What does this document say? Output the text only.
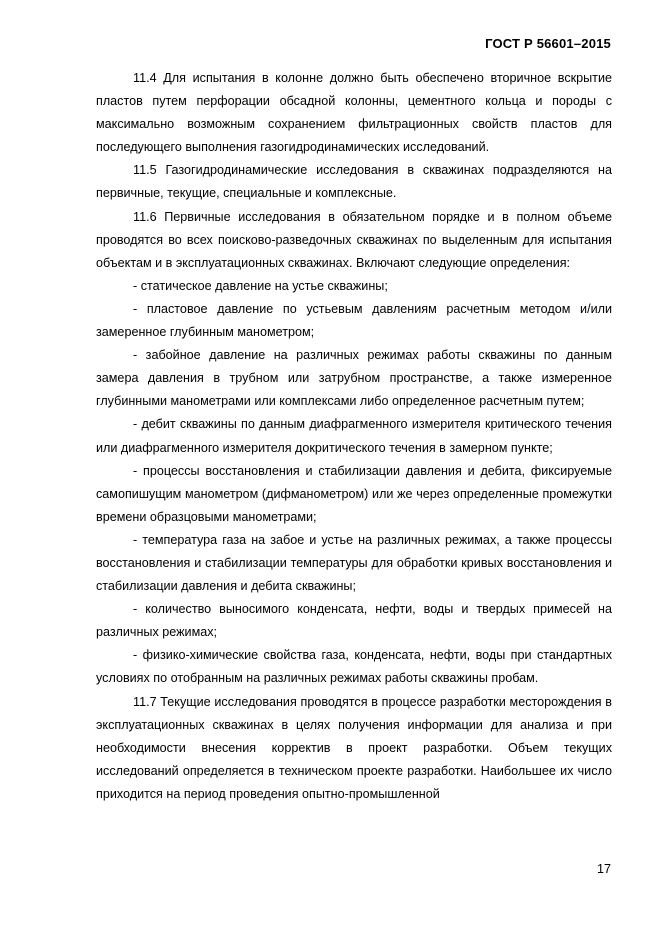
ГОСТ Р 56601–2015

11.4 Для испытания в колонне должно быть обеспечено вторичное вскрытие пластов путем перфорации обсадной колонны, цементного кольца и породы с максимально возможным сохранением фильтрационных свойств пластов для последующего выполнения газогидродинамических исследований.

11.5 Газогидродинамические исследования в скважинах подразделяются на первичные, текущие, специальные и комплексные.

11.6 Первичные исследования в обязательном порядке и в полном объеме проводятся во всех поисково-разведочных скважинах по выделенным для испытания объектам и в эксплуатационных скважинах. Включают следующие определения:

- статическое давление на устье скважины;

- пластовое давление по устьевым давлениям расчетным методом и/или замеренное глубинным манометром;

- забойное давление на различных режимах работы скважины по данным замера давления в трубном или затрубном пространстве, а также измеренное глубинными манометрами или комплексами либо определенное расчетным путем;

- дебит скважины по данным диафрагменного измерителя критического течения или диафрагменного измерителя докритического течения в замерном пункте;

- процессы восстановления и стабилизации давления и дебита, фиксируемые самопишущим манометром (дифманометром) или же через определенные промежутки времени образцовыми манометрами;

- температура газа на забое и устье на различных режимах, а также процессы восстановления и стабилизации температуры для обработки кривых восстановления и стабилизации давления и дебита скважины;

- количество выносимого конденсата, нефти, воды и твердых примесей на различных режимах;

- физико-химические свойства газа, конденсата, нефти, воды при стандартных условиях по отобранным на различных режимах работы скважины пробам.

11.7 Текущие исследования проводятся в процессе разработки месторождения в эксплуатационных скважинах в целях получения информации для анализа и при необходимости внесения корректив в проект разработки. Объем текущих исследований определяется в техническом проекте разработки. Наибольшее их число приходится на период проведения опытно-промышленной

17
